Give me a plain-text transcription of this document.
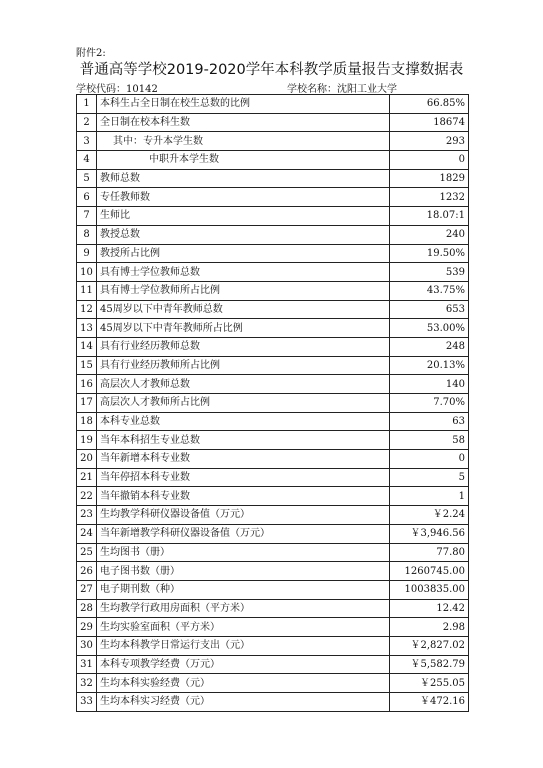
附件2:
普通高等学校2019-2020学年本科教学质量报告支撑数据表
学校代码：10142	学校名称：沈阳工业大学
1	本科生占全日制在校生总数的比例	66.85%
2	全日制在校本科生数	18674
3	其中：专升本学生数	293
4	中职升本学生数	0
5	教师总数	1829
6	专任教师数	1232
7	生师比	18.07:1
8	教授总数	240
9	教授所占比例	19.50%
10	具有博士学位教师总数	539
11	具有博士学位教师所占比例	43.75%
12	45周岁以下中青年教师总数	653
13	45周岁以下中青年教师所占比例	53.00%
14	具有行业经历教师总数	248
15	具有行业经历教师所占比例	20.13%
16	高层次人才教师总数	140
17	高层次人才教师所占比例	7.70%
18	本科专业总数	63
19	当年本科招生专业总数	58
20	当年新增本科专业数	0
21	当年停招本科专业数	5
22	当年撤销本科专业数	1
23	生均教学科研仪器设备值（万元）	￥2.24
24	当年新增教学科研仪器设备值（万元）	￥3,946.56
25	生均图书（册）	77.80
26	电子图书数（册）	1260745.00
27	电子期刊数（种）	1003835.00
28	生均教学行政用房面积（平方米）	12.42
29	生均实验室面积（平方米）	2.98
30	生均本科教学日常运行支出（元）	￥2,827.02
31	本科专项教学经费（万元）	￥5,582.79
32	生均本科实验经费（元）	￥255.05
33	生均本科实习经费（元）	￥472.16
